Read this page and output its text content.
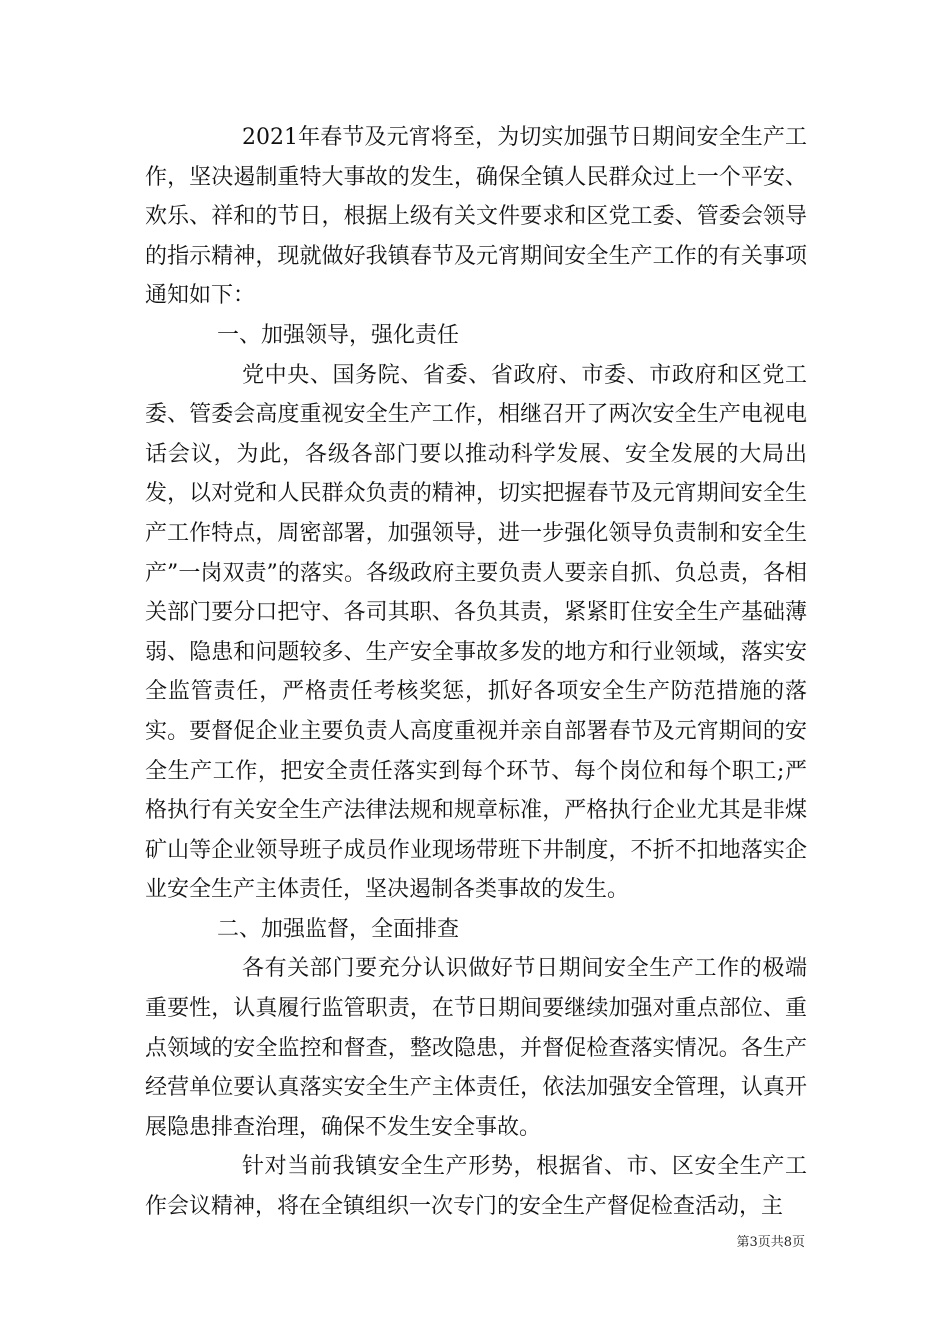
2021年春节及元宵将至，为切实加强节日期间安全生产工作，坚决遏制重特大事故的发生，确保全镇人民群众过上一个平安、欢乐、祥和的节日，根据上级有关文件要求和区党工委、管委会领导的指示精神，现就做好我镇春节及元宵期间安全生产工作的有关事项通知如下：

一、加强领导，强化责任

党中央、国务院、省委、省政府、市委、市政府和区党工委、管委会高度重视安全生产工作，相继召开了两次安全生产电视电话会议，为此，各级各部门要以推动科学发展、安全发展的大局出发，以对党和人民群众负责的精神，切实把握春节及元宵期间安全生产工作特点，周密部署，加强领导，进一步强化领导负责制和安全生产”一岗双责”的落实。各级政府主要负责人要亲自抓、负总责，各相关部门要分口把守、各司其职、各负其责，紧紧盯住安全生产基础薄弱、隐患和问题较多、生产安全事故多发的地方和行业领域，落实安全监管责任，严格责任考核奖惩，抓好各项安全生产防范措施的落实。要督促企业主要负责人高度重视并亲自部署春节及元宵期间的安全生产工作，把安全责任落实到每个环节、每个岗位和每个职工;严格执行有关安全生产法律法规和规章标准，严格执行企业尤其是非煤矿山等企业领导班子成员作业现场带班下井制度，不折不扣地落实企业安全生产主体责任，坚决遏制各类事故的发生。

二、加强监督，全面排查

各有关部门要充分认识做好节日期间安全生产工作的极端重要性，认真履行监管职责，在节日期间要继续加强对重点部位、重点领域的安全监控和督查，整改隐患，并督促检查落实情况。各生产经营单位要认真落实安全生产主体责任，依法加强安全管理，认真开展隐患排查治理，确保不发生安全事故。

针对当前我镇安全生产形势，根据省、市、区安全生产工作会议精神，将在全镇组织一次专门的安全生产督促检查活动，主

第3页共8页
